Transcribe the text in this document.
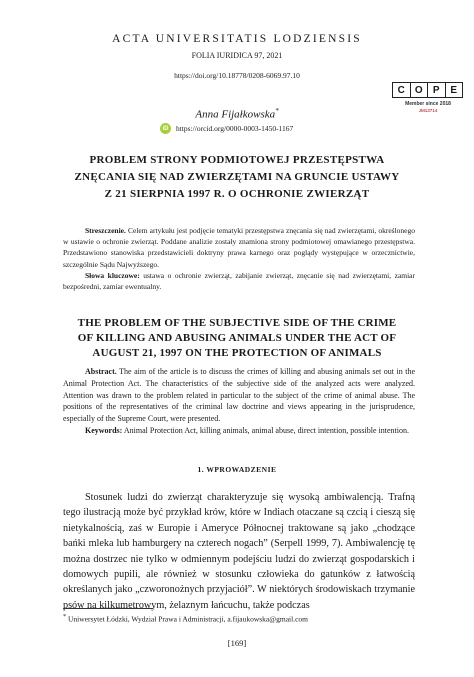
ACTA UNIVERSITATIS LODZIENSIS
FOLIA IURIDICA 97, 2021
https://doi.org/10.18778/0208-6069.97.10
C	O	P	E
Member since 2018
JM13714
Anna Fijałkowska*
iD	https://orcid.org/0000-0003-1450-1167
PROBLEM STRONY PODMIOTOWEJ PRZESTĘPSTWA
ZNĘCANIA SIĘ NAD ZWIERZĘTAMI NA GRUNCIE USTAWY
Z 21 SIERPNIA 1997 R. O OCHRONIE ZWIERZĄT
Streszczenie. Celem artykułu jest podjęcie tematyki przestępstwa znęcania się nad zwierzętami, określonego w ustawie o ochronie zwierząt. Poddane analizie zostały znamiona strony podmiotowej omawianego przestępstwa. Przedstawiono stanowiska przedstawicieli doktryny prawa karnego oraz poglądy występujące w orzecznictwie, szczególnie Sądu Najwyższego.
Słowa kluczowe: ustawa o ochronie zwierząt, zabijanie zwierząt, znęcanie się nad zwierzętami, zamiar bezpośredni, zamiar ewentualny.
THE PROBLEM OF THE SUBJECTIVE SIDE OF THE CRIME
OF KILLING AND ABUSING ANIMALS UNDER THE ACT OF
AUGUST 21, 1997 ON THE PROTECTION OF ANIMALS
Abstract. The aim of the article is to discuss the crimes of killing and abusing animals set out in the Animal Protection Act. The characteristics of the subjective side of the analyzed acts were analyzed. Attention was drawn to the problem related in particular to the subject of the crime of animal abuse. The positions of the representatives of the criminal law doctrine and views appearing in the jurisprudence, especially of the Supreme Court, were presented.
Keywords: Animal Protection Act, killing animals, animal abuse, direct intention, possible intention.
1. WPROWADZENIE
Stosunek ludzi do zwierząt charakteryzuje się wysoką ambiwalencją. Trafną tego ilustracją może być przykład krów, które w Indiach otaczane są czcią i cieszą się nietykalnością, zaś w Europie i Ameryce Północnej traktowane są jako „chodzące bańki mleka lub hamburgery na czterech nogach” (Serpell 1999, 7). Ambiwalencję tę można dostrzec nie tylko w odmiennym podejściu ludzi do zwierząt gospodarskich i domowych pupili, ale również w stosunku człowieka do gatunków z łatwością określanych jako „czworonożnych przyjaciół”. W niektórych środowiskach trzymanie psów na kilkumetrowym, żelaznym łańcuchu, także podczas
* Uniwersytet Łódzki, Wydział Prawa i Administracji, a.fijaukowska@gmail.com
[169]
